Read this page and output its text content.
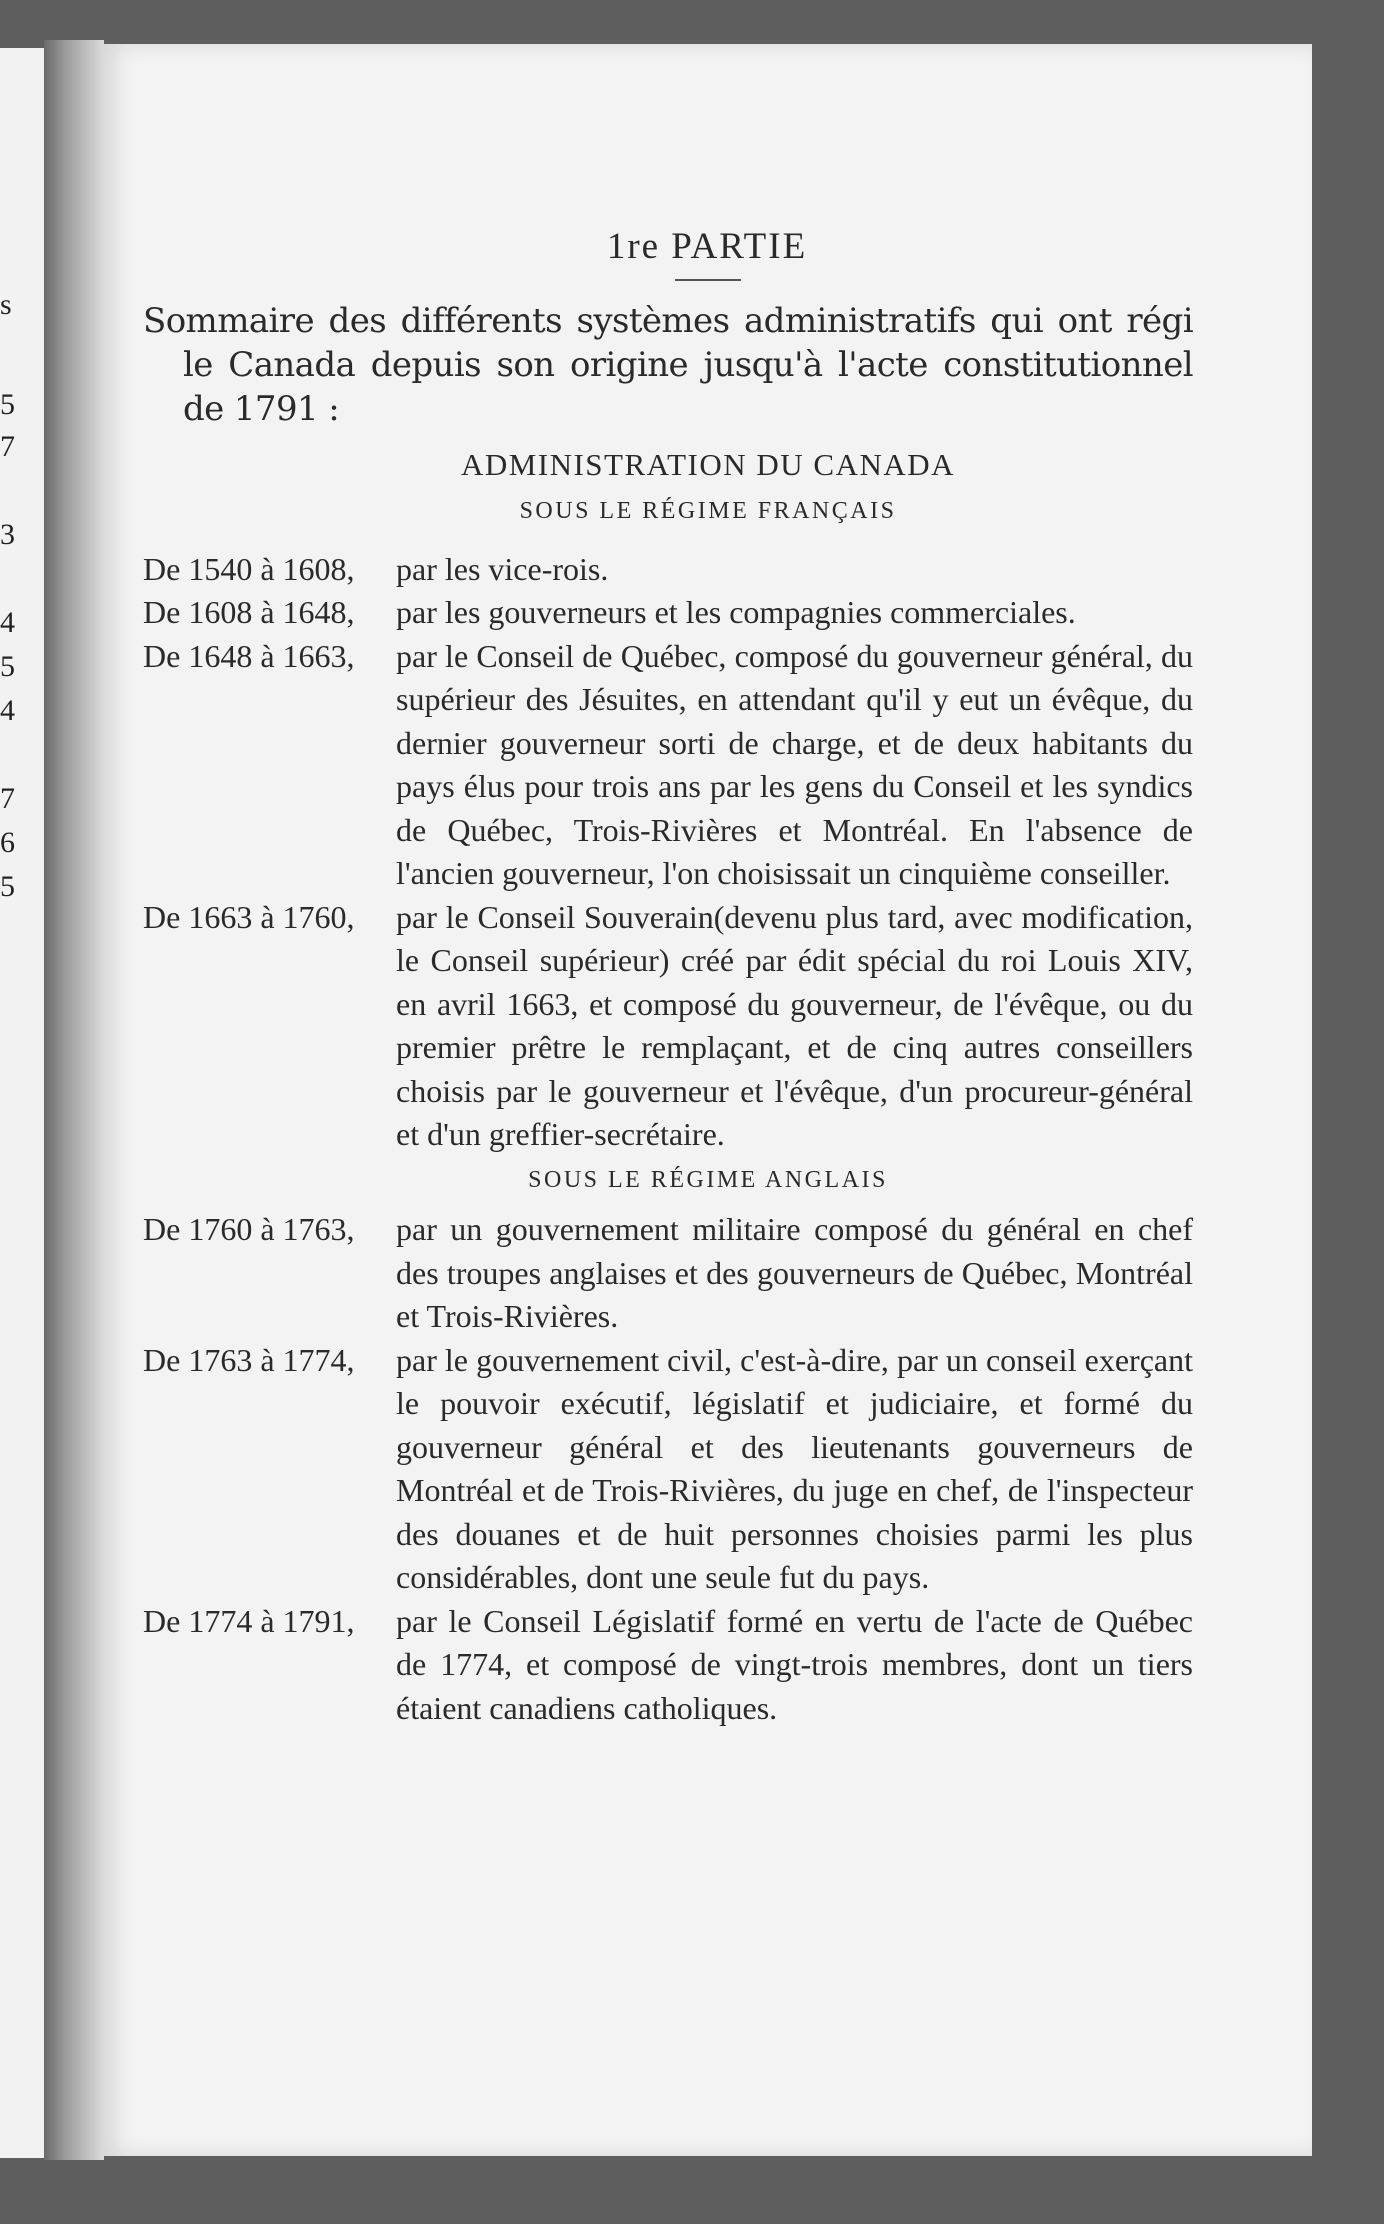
s
5
7
3
4
5
4
7
6
5
1re PARTIE

Sommaire des différents systèmes administratifs qui ont régi le Canada depuis son origine jusqu'à l'acte constitutionnel de 1791 :

ADMINISTRATION DU CANADA
SOUS LE RÉGIME FRANÇAIS
De 1540 à 1608,	par les vice-rois.
De 1608 à 1648,	par les gouverneurs et les compagnies commerciales.
De 1648 à 1663,	par le Conseil de Québec, composé du gouverneur général, du supérieur des Jésuites, en attendant qu'il y eut un évêque, du dernier gouverneur sorti de charge, et de deux habitants du pays élus pour trois ans par les gens du Conseil et les syndics de Québec, Trois-Rivières et Montréal. En l'absence de l'ancien gouverneur, l'on choisissait un cinquième conseiller.
De 1663 à 1760,	par le Conseil Souverain(devenu plus tard, avec modification, le Conseil supérieur) créé par édit spécial du roi Louis XIV, en avril 1663, et composé du gouverneur, de l'évêque, ou du premier prêtre le remplaçant, et de cinq autres conseillers choisis par le gouverneur et l'évêque, d'un procureur-général et d'un greffier-secrétaire.
SOUS LE RÉGIME ANGLAIS
De 1760 à 1763,	par un gouvernement militaire composé du général en chef des troupes anglaises et des gouverneurs de Québec, Montréal et Trois-Rivières.
De 1763 à 1774,	par le gouvernement civil, c'est-à-dire, par un conseil exerçant le pouvoir exécutif, législatif et judiciaire, et formé du gouverneur général et des lieutenants gouverneurs de Montréal et de Trois-Rivières, du juge en chef, de l'inspecteur des douanes et de huit personnes choisies parmi les plus considérables, dont une seule fut du pays.
De 1774 à 1791,	par le Conseil Législatif formé en vertu de l'acte de Québec de 1774, et composé de vingt-trois membres, dont un tiers étaient canadiens catholiques.
